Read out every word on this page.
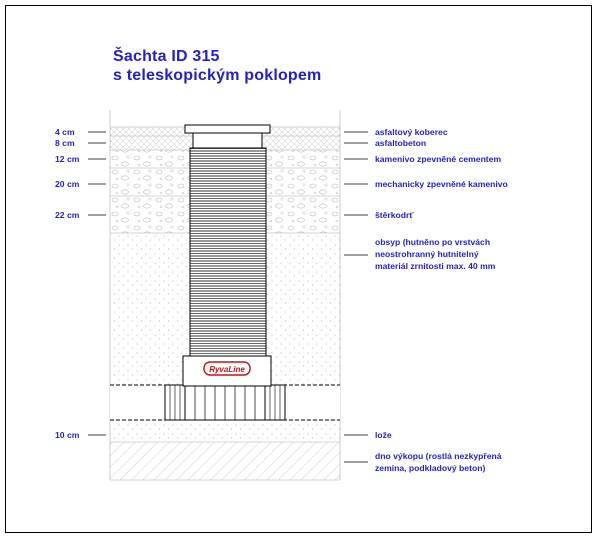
Šachta ID 315
s teleskopickým poklopem
RyvaLine
4 cm
8 cm
12 cm
20 cm
22 cm
10 cm
asfaltový koberec
asfaltobeton
kamenivo zpevněné cementem
mechanicky zpevněné kamenivo
štěrkodrť
obsyp (hutněno po vrstvách
neostrohranný hutnitelný
materiál zrnitosti max. 40 mm
lože
dno výkopu (rostlá nezkypřená
zemina, podkladový beton)
